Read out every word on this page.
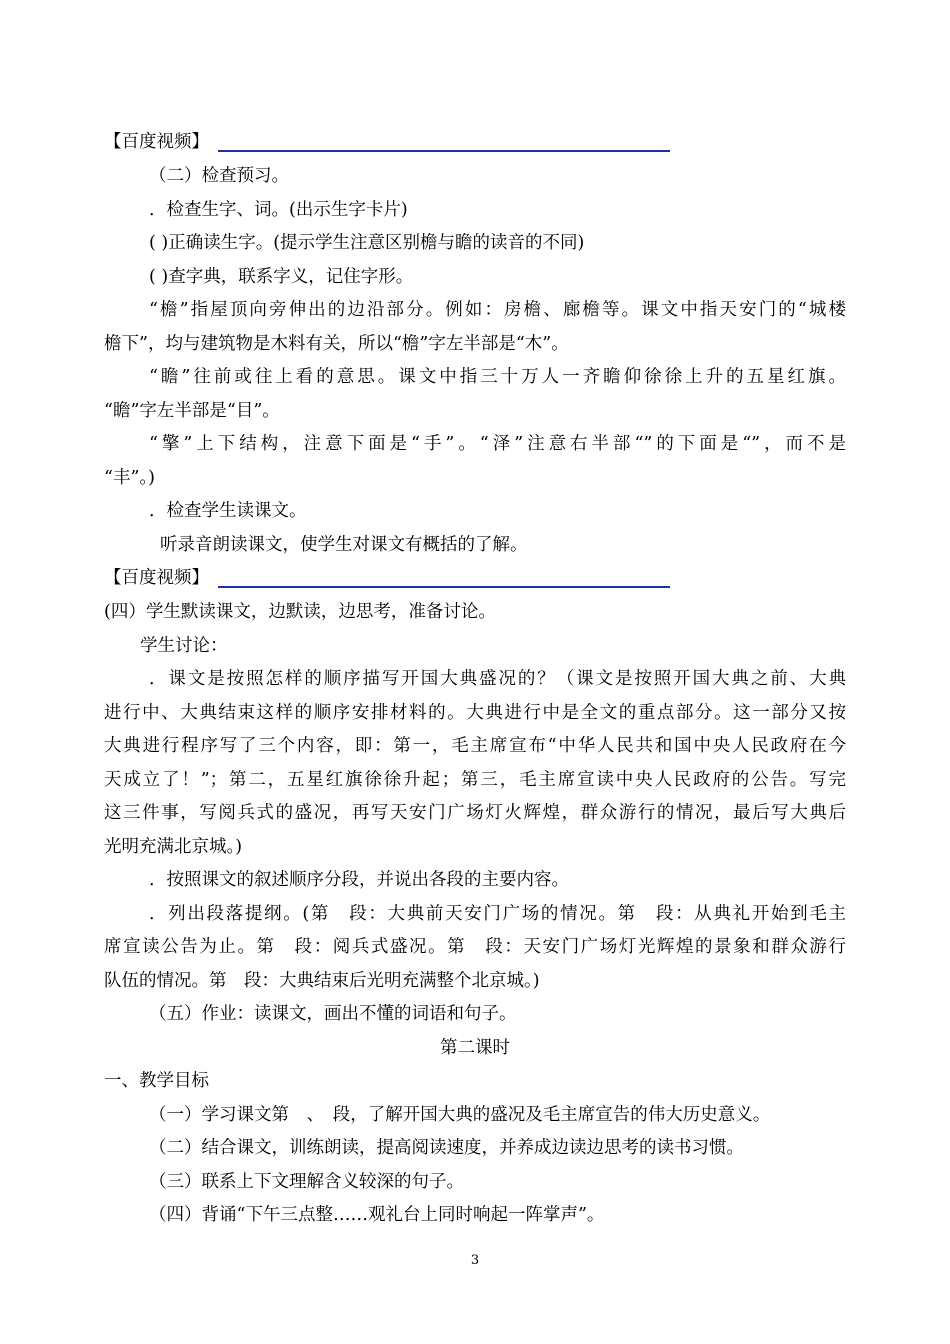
【百度视频】
（二）检查预习。
．检查生字、词。(出示生字卡片)
( )正确读生字。(提示学生注意区别檐与瞻的读音的不同)
( )查字典，联系字义，记住字形。
“檐”指屋顶向旁伸出的边沿部分。例如：房檐、廊檐等。课文中指天安门的“城楼
檐下”，均与建筑物是木料有关，所以“檐”字左半部是“木”。
“瞻”往前或往上看的意思。课文中指三十万人一齐瞻仰徐徐上升的五星红旗。
“瞻”字左半部是“目”。
“擎”上下结构，注意下面是“手”。“泽”注意右半部“”的下面是“”，而不是
“丰”。)
．检查学生读课文。
听录音朗读课文，使学生对课文有概括的了解。
【百度视频】
(四）学生默读课文，边默读，边思考，准备讨论。
学生讨论：
．课文是按照怎样的顺序描写开国大典盛况的？（课文是按照开国大典之前、大典
进行中、大典结束这样的顺序安排材料的。大典进行中是全文的重点部分。这一部分又按
大典进行程序写了三个内容，即：第一，毛主席宣布“中华人民共和国中央人民政府在今
天成立了！”；第二，五星红旗徐徐升起；第三，毛主席宣读中央人民政府的公告。写完
这三件事，写阅兵式的盛况，再写天安门广场灯火辉煌，群众游行的情况，最后写大典后
光明充满北京城。)
．按照课文的叙述顺序分段，并说出各段的主要内容。
．列出段落提纲。(第　段：大典前天安门广场的情况。第　段：从典礼开始到毛主
席宣读公告为止。第　段：阅兵式盛况。第　段：天安门广场灯光辉煌的景象和群众游行
队伍的情况。第　段：大典结束后光明充满整个北京城。)
（五）作业：读课文，画出不懂的词语和句子。
第二课时
一、教学目标
（一）学习课文第　、　段，了解开国大典的盛况及毛主席宣告的伟大历史意义。
（二）结合课文，训练朗读，提高阅读速度，并养成边读边思考的读书习惯。
（三）联系上下文理解含义较深的句子。
（四）背诵“下午三点整……观礼台上同时响起一阵掌声”。
3
